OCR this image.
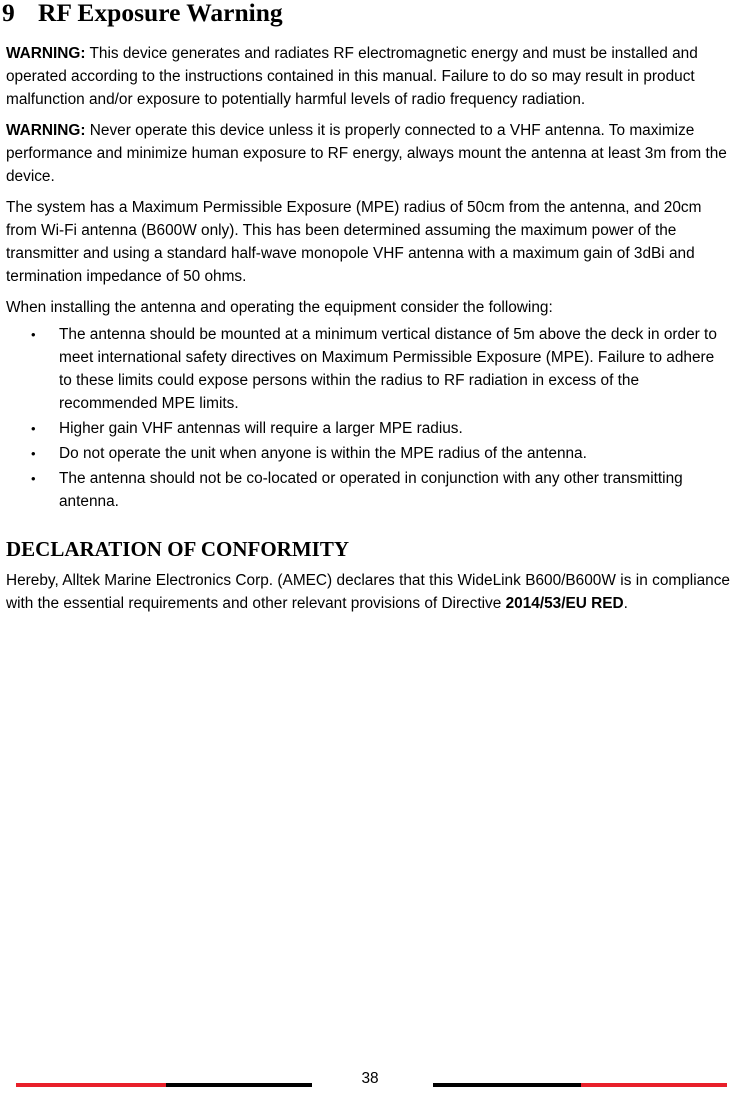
9 RF Exposure Warning

WARNING: This device generates and radiates RF electromagnetic energy and must be installed and operated according to the instructions contained in this manual. Failure to do so may result in product malfunction and/or exposure to potentially harmful levels of radio frequency radiation.

WARNING: Never operate this device unless it is properly connected to a VHF antenna. To maximize performance and minimize human exposure to RF energy, always mount the antenna at least 3m from the device.

The system has a Maximum Permissible Exposure (MPE) radius of 50cm from the antenna, and 20cm from Wi-Fi antenna (B600W only). This has been determined assuming the maximum power of the transmitter and using a standard half-wave monopole VHF antenna with a maximum gain of 3dBi and termination impedance of 50 ohms.

When installing the antenna and operating the equipment consider the following:

• The antenna should be mounted at a minimum vertical distance of 5m above the deck in order to meet international safety directives on Maximum Permissible Exposure (MPE). Failure to adhere to these limits could expose persons within the radius to RF radiation in excess of the recommended MPE limits.
• Higher gain VHF antennas will require a larger MPE radius.
• Do not operate the unit when anyone is within the MPE radius of the antenna.
• The antenna should not be co-located or operated in conjunction with any other transmitting antenna.
DECLARATION OF CONFORMITY

Hereby, Alltek Marine Electronics Corp. (AMEC) declares that this WideLink B600/B600W is in compliance with the essential requirements and other relevant provisions of Directive 2014/53/EU RED.

38
